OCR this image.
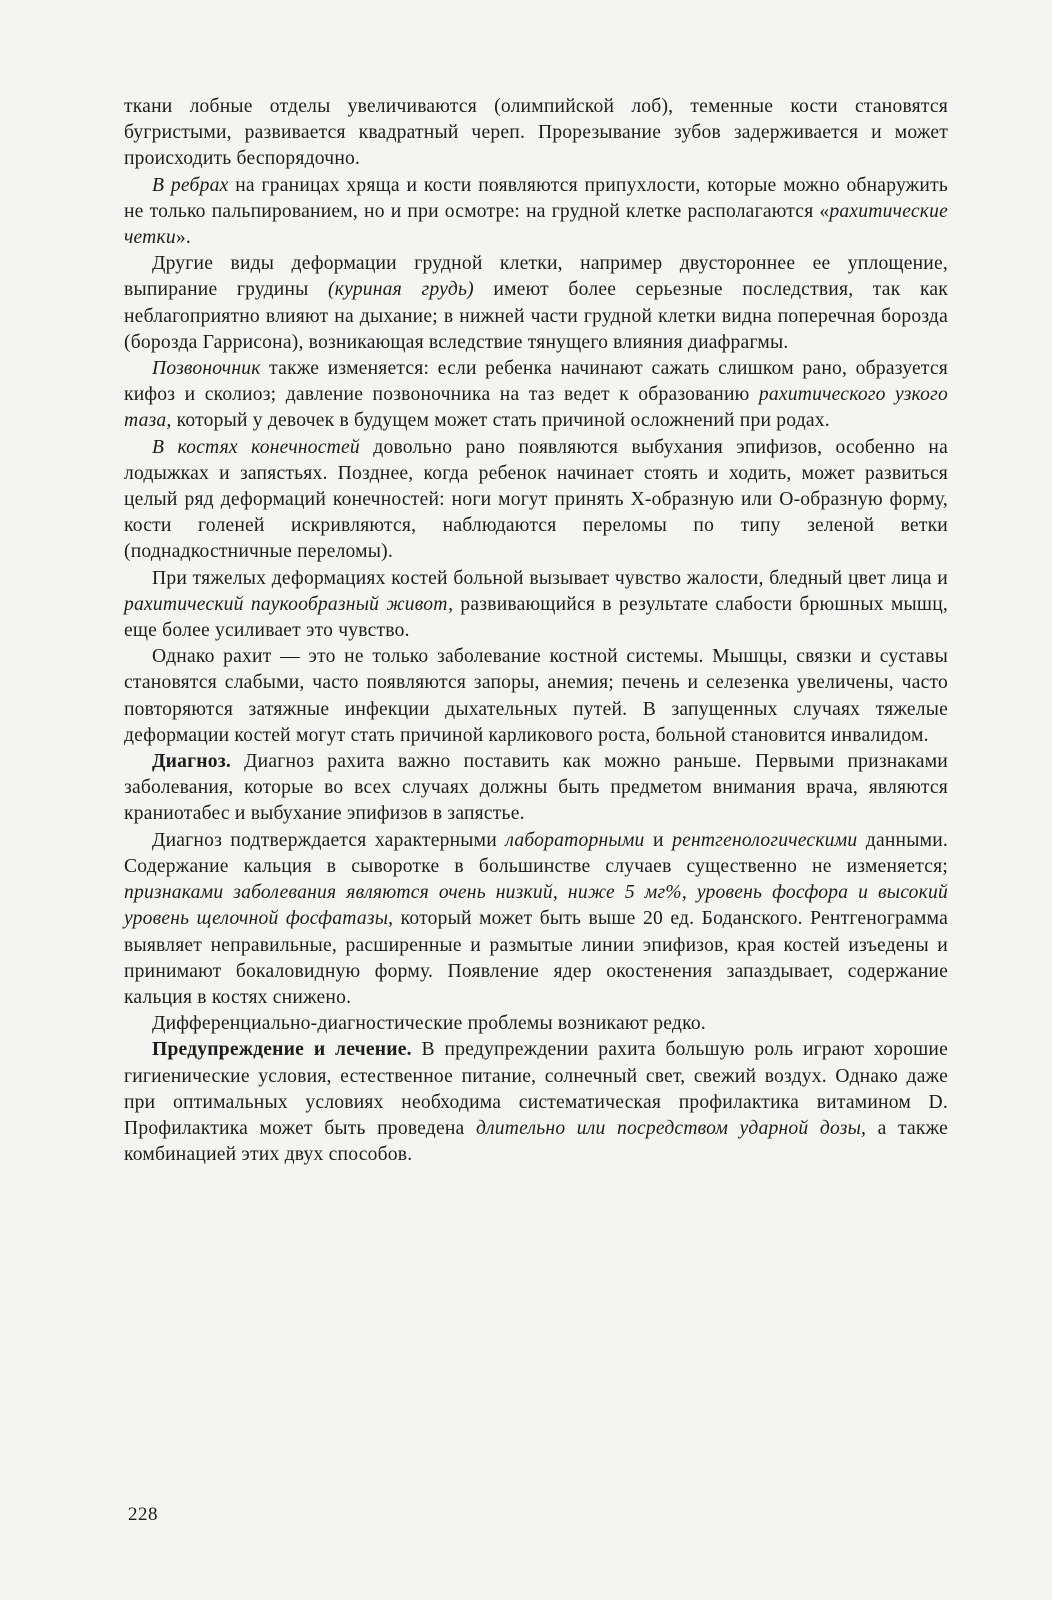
ткани лобные отделы увеличиваются (олимпийской лоб), теменные кости становятся бугристыми, развивается квадратный череп. Прорезывание зубов задерживается и может происходить беспорядочно.

В ребрах на границах хряща и кости появляются припухлости, которые можно обнаружить не только пальпированием, но и при осмотре: на грудной клетке располагаются «рахитические четки».

Другие виды деформации грудной клетки, например двустороннее ее уплощение, выпирание грудины (куриная грудь) имеют более серьезные последствия, так как неблагоприятно влияют на дыхание; в нижней части грудной клетки видна поперечная борозда (борозда Гаррисона), возникающая вследствие тянущего влияния диафрагмы.

Позвоночник также изменяется: если ребенка начинают сажать слишком рано, образуется кифоз и сколиоз; давление позвоночника на таз ведет к образованию рахитического узкого таза, который у девочек в будущем может стать причиной осложнений при родах.

В костях конечностей довольно рано появляются выбухания эпифизов, особенно на лодыжках и запястьях. Позднее, когда ребенок начинает стоять и ходить, может развиться целый ряд деформаций конечностей: ноги могут принять X-образную или O-образную форму, кости голеней искривляются, наблюдаются переломы по типу зеленой ветки (поднадкостничные переломы).

При тяжелых деформациях костей больной вызывает чувство жалости, бледный цвет лица и рахитический паукообразный живот, развивающийся в результате слабости брюшных мышц, еще более усиливает это чувство.

Однако рахит — это не только заболевание костной системы. Мышцы, связки и суставы становятся слабыми, часто появляются запоры, анемия; печень и селезенка увеличены, часто повторяются затяжные инфекции дыхательных путей. В запущенных случаях тяжелые деформации костей могут стать причиной карликового роста, больной становится инвалидом.

Диагноз. Диагноз рахита важно поставить как можно раньше. Первыми признаками заболевания, которые во всех случаях должны быть предметом внимания врача, являются краниотабес и выбухание эпифизов в запястье.

Диагноз подтверждается характерными лабораторными и рентгенологическими данными. Содержание кальция в сыворотке в большинстве случаев существенно не изменяется; признаками заболевания являются очень низкий, ниже 5 мг%, уровень фосфора и высокий уровень щелочной фосфатазы, который может быть выше 20 ед. Боданского. Рентгенограмма выявляет неправильные, расширенные и размытые линии эпифизов, края костей изъедены и принимают бокаловидную форму. Появление ядер окостенения запаздывает, содержание кальция в костях снижено.

Дифференциально-диагностические проблемы возникают редко.

Предупреждение и лечение. В предупреждении рахита большую роль играют хорошие гигиенические условия, естественное питание, солнечный свет, свежий воздух. Однако даже при оптимальных условиях необходима систематическая профилактика витамином D. Профилактика может быть проведена длительно или посредством ударной дозы, а также комбинацией этих двух способов.

228
